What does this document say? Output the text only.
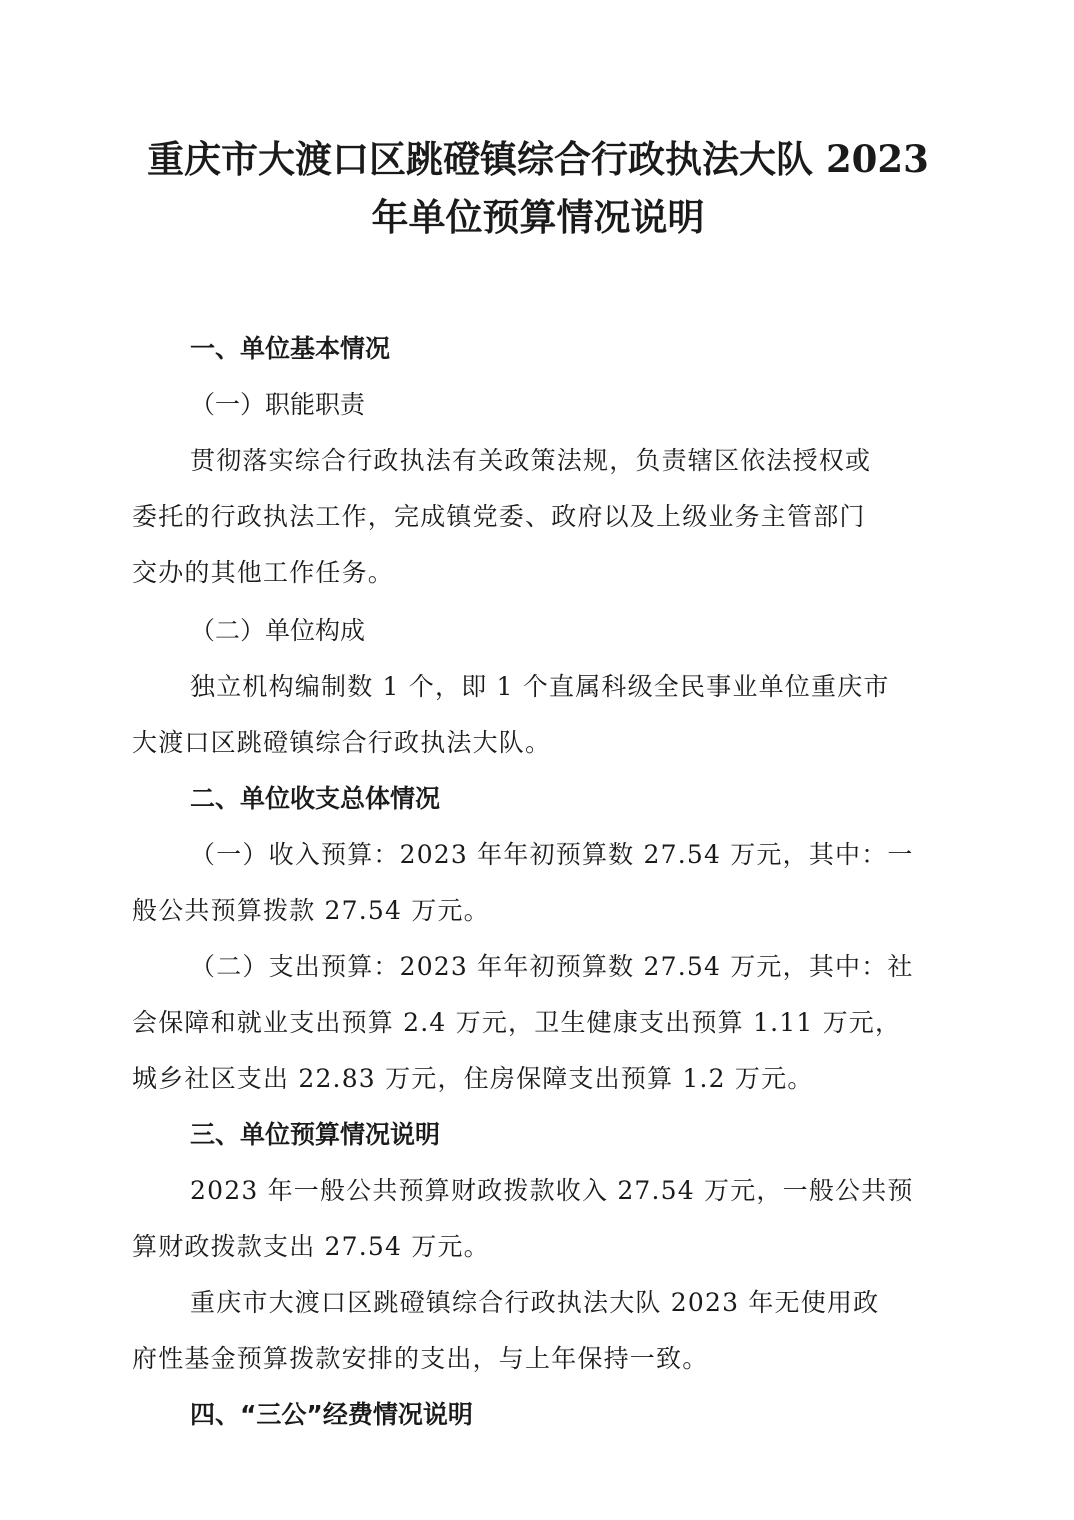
重庆市大渡口区跳磴镇综合行政执法大队 2023
年单位预算情况说明
一、单位基本情况
（一）职能职责
贯彻落实综合行政执法有关政策法规，负责辖区依法授权或
委托的行政执法工作，完成镇党委、政府以及上级业务主管部门
交办的其他工作任务。
（二）单位构成
独立机构编制数 1 个，即 1 个直属科级全民事业单位重庆市
大渡口区跳磴镇综合行政执法大队。
二、单位收支总体情况
（一）收入预算：2023 年年初预算数 27.54 万元，其中：一
般公共预算拨款 27.54 万元。
（二）支出预算：2023 年年初预算数 27.54 万元，其中：社
会保障和就业支出预算 2.4 万元，卫生健康支出预算 1.11 万元，
城乡社区支出 22.83 万元，住房保障支出预算 1.2 万元。
三、单位预算情况说明
2023 年一般公共预算财政拨款收入 27.54 万元，一般公共预
算财政拨款支出 27.54 万元。
重庆市大渡口区跳磴镇综合行政执法大队 2023 年无使用政
府性基金预算拨款安排的支出，与上年保持一致。
四、“三公”经费情况说明
